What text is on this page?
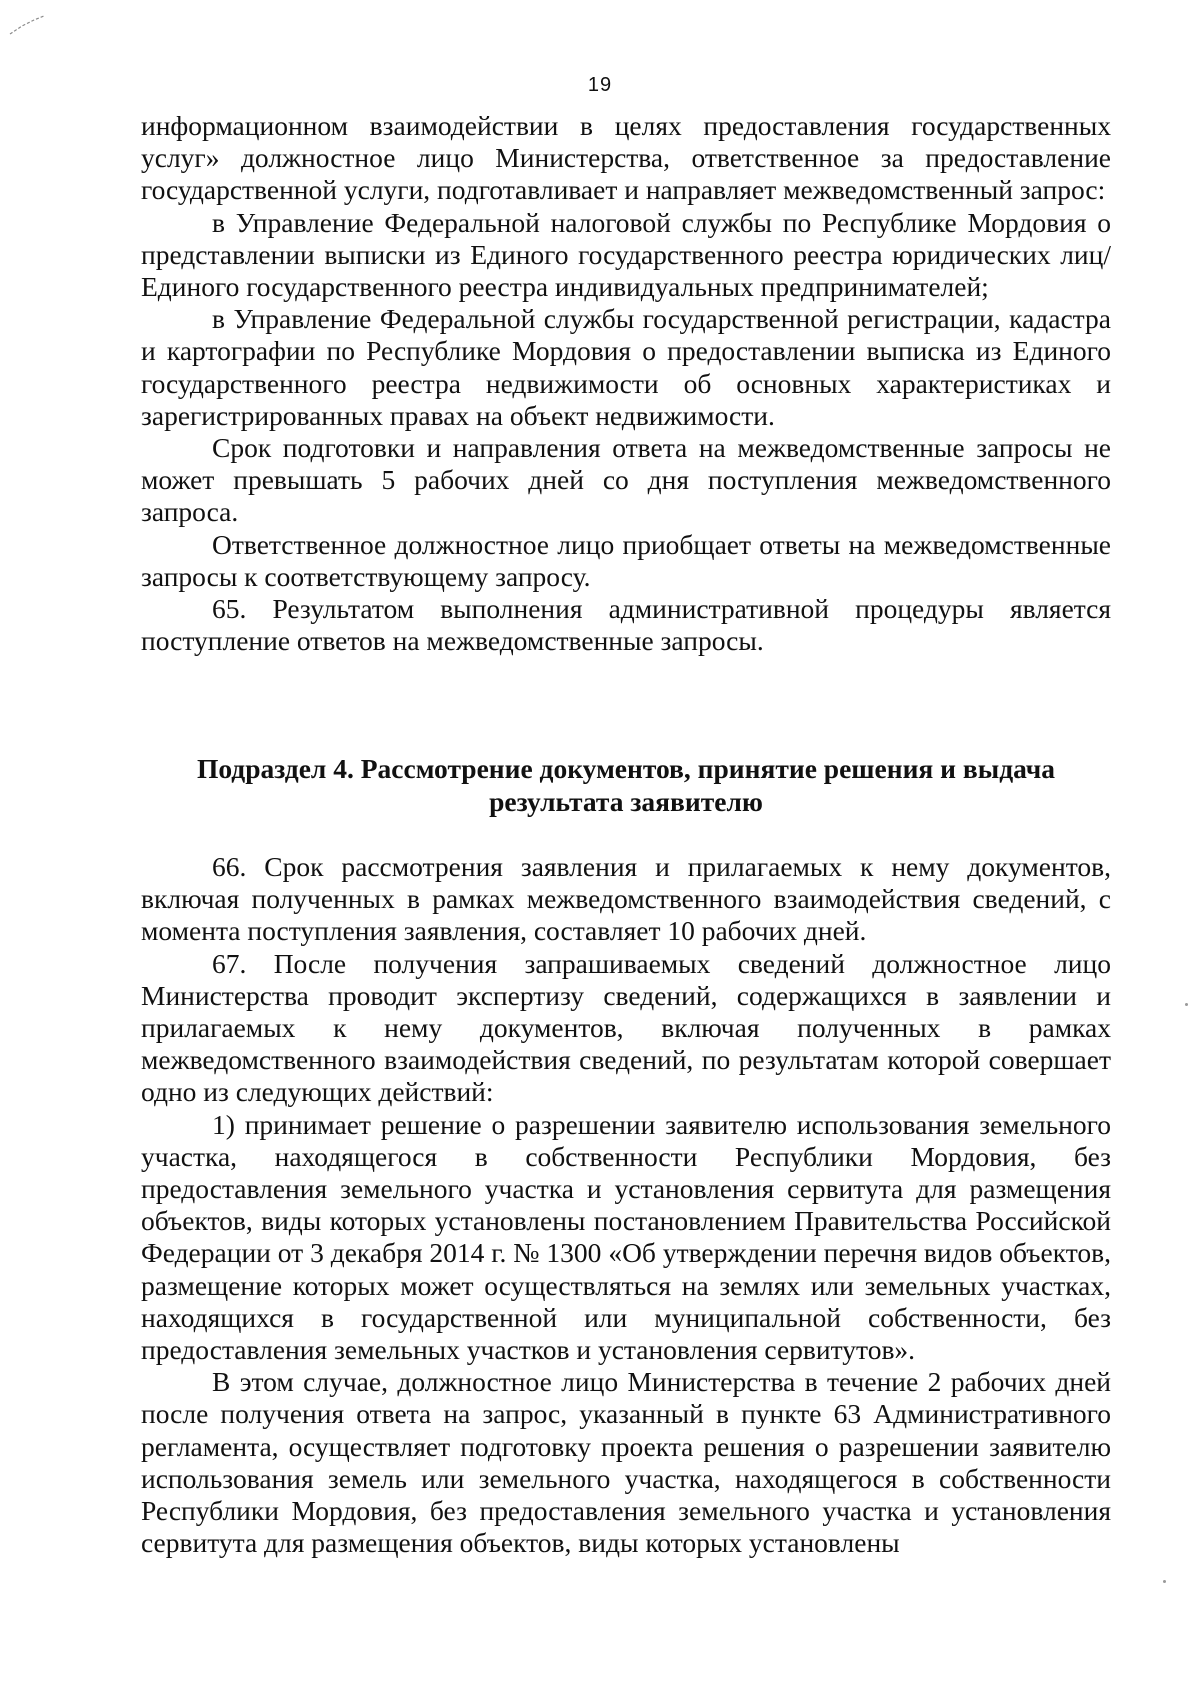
19

информационном взаимодействии в целях предоставления государственных услуг» должностное лицо Министерства, ответственное за предоставление государственной услуги, подготавливает и направляет межведомственный запрос:

в Управление Федеральной налоговой службы по Республике Мордовия о представлении выписки из Единого государственного реестра юридических лиц/Единого государственного реестра индивидуальных предпринимателей;

в Управление Федеральной службы государственной регистрации, кадастра и картографии по Республике Мордовия о предоставлении выписка из Единого государственного реестра недвижимости об основных характеристиках и зарегистрированных правах на объект недвижимости.

Срок подготовки и направления ответа на межведомственные запросы не может превышать 5 рабочих дней со дня поступления межведомственного запроса.

Ответственное должностное лицо приобщает ответы на межведомственные запросы к соответствующему запросу.

65. Результатом выполнения административной процедуры является поступление ответов на межведомственные запросы.

Подраздел 4. Рассмотрение документов, принятие решения и выдача
результата заявителю

66. Срок рассмотрения заявления и прилагаемых к нему документов, включая полученных в рамках межведомственного взаимодействия сведений, с момента поступления заявления, составляет 10 рабочих дней.

67. После получения запрашиваемых сведений должностное лицо Министерства проводит экспертизу сведений, содержащихся в заявлении и прилагаемых к нему документов, включая полученных в рамках межведомственного взаимодействия сведений, по результатам которой совершает одно из следующих действий:

1) принимает решение о разрешении заявителю использования земельного участка, находящегося в собственности Республики Мордовия, без предоставления земельного участка и установления сервитута для размещения объектов, виды которых установлены постановлением Правительства Российской Федерации от 3 декабря 2014 г. № 1300 «Об утверждении перечня видов объектов, размещение которых может осуществляться на землях или земельных участках, находящихся в государственной или муниципальной собственности, без предоставления земельных участков и установления сервитутов».

В этом случае, должностное лицо Министерства в течение 2 рабочих дней после получения ответа на запрос, указанный в пункте 63 Административного регламента, осуществляет подготовку проекта решения о разрешении заявителю использования земель или земельного участка, находящегося в собственности Республики Мордовия, без предоставления земельного участка и установления сервитута для размещения объектов, виды которых установлены
